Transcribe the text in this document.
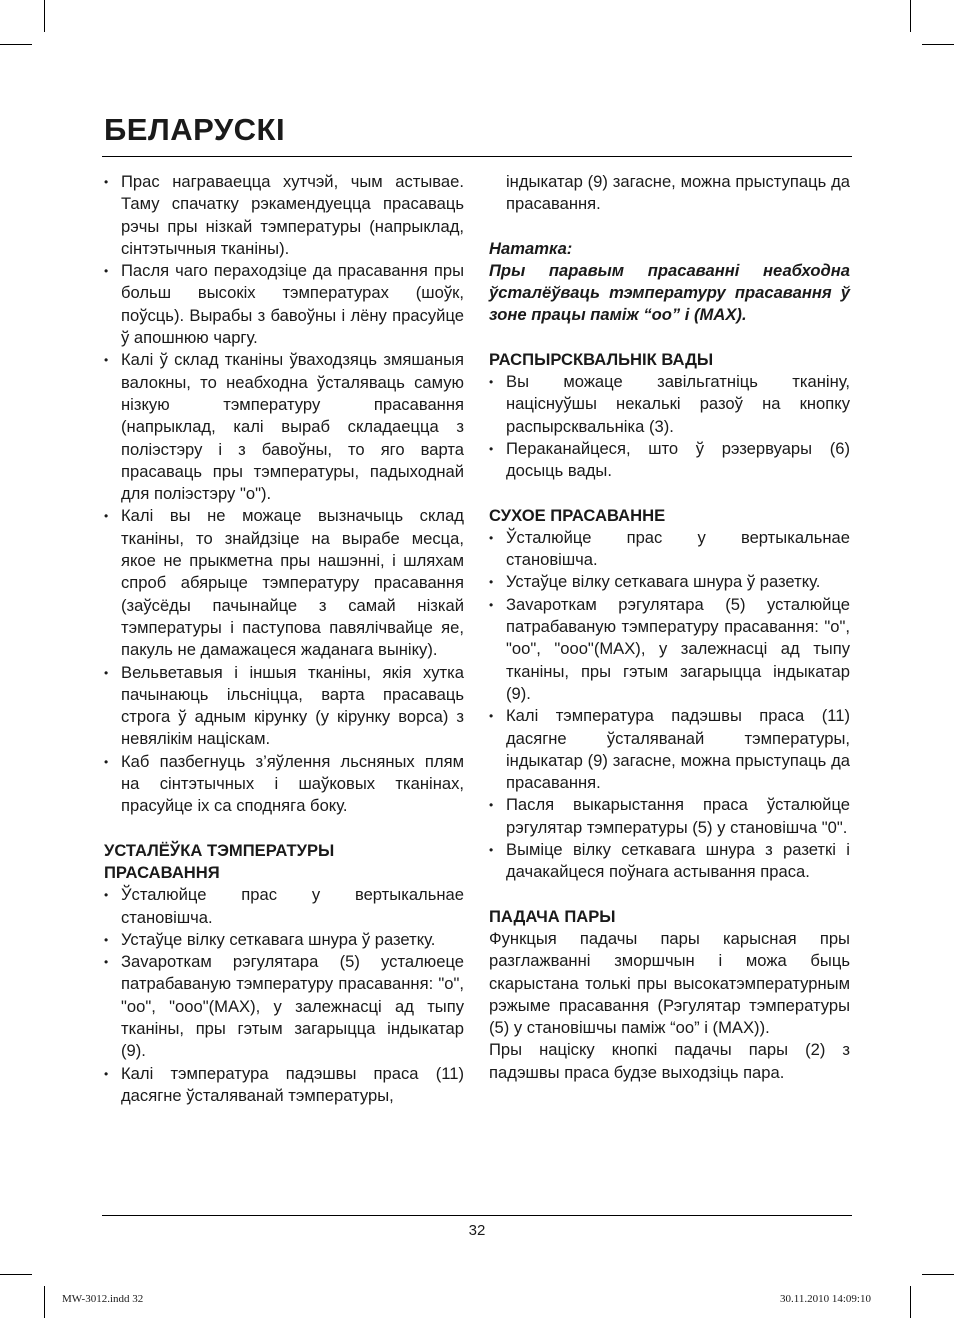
БЕЛАРУСКІ
• Прас награваецца хутчэй, чым астывае. Таму спачатку рэкамендуецца прасаваць рэчы пры нізкай тэмпературы (напрыклад, сінтэтычныя тканіны).
• Пасля чаго пераходзіце да прасавання пры больш высокіх тэмпературах (шоўк, поўсць). Вырабы з бавоўны і лёну прасуйце ў апошнюю чаргу.
• Калі ў склад тканіны ўваходзяць змяшаныя валокны, то неабходна ўсталяваць самую нізкую тэмпературу прасавання (напрыклад, калі выраб складаецца з поліэстэру і з бавоўны, то яго варта прасаваць пры тэмпературы, падыходнай для поліэстэру "о").
• Калі вы не можаце вызначыць склад тканіны, то знайдзіце на вырабе месца, якое не прыкметна пры нашэнні, і шляхам спроб абярыце тэмпературу прасавання (заўсёды пачынайце з самай нізкай тэмпературы і паступова павялічвайце яе, пакуль не дамажацеся жаданага выніку).
• Вельветавыя і іншыя тканіны, якія хутка пачынаюць ільсніцца, варта прасаваць строга ў адным кірунку (у кірунку ворса) з невялікім націскам.
• Каб пазбегнуць з’яўлення льсняных плям на сінтэтычных і шаўковых тканінах, прасуйце іх са споднягa боку.
УСТАЛЁЎКА ТЭМПЕРАТУРЫ
ПРАСАВАННЯ
• Ўсталюйце прас у вертыкальнае становішча.
• Устаўце вілку сеткавага шнура ў разетку.
• Зavароткам рэгулятара (5) усталюеце патрабаваную тэмпературу прасавання: "о", "оо", "ооо"(MAX), у залежнасці ад тыпу тканіны, пры гэтым загарыцца індыкатар (9).
• Калі тэмпература падэшвы праса (11) дасягне ўсталяванай тэмпературы,
індыкатар (9) загасне, можна прыступаць да прасавання.
Нататка:
Пры паравым прасаванні неабходна ўсталёўваць тэмпературу прасавання ў зоне працы паміж “оо” і (MAX).
РАСПЫРСКВАЛЬНІК ВАДЫ
• Вы можаце завільгатніць тканіну, націснуўшы некалькі разоў на кнопку распырсквальніка (3).
• Пераканайцеся, што ў рэзервуары (6) досыць вады.
СУХОЕ ПРАСАВАННЕ
• Ўсталюйце прас у вертыкальнае становішча.
• Устаўце вілку сеткавага шнура ў разетку.
• Зavароткам рэгулятара (5) усталюйце патрабаваную тэмпературу прасавання: "о", "оо", "ооо"(MAX), у залежнасці ад тыпу тканіны, пры гэтым загарыцца індыкатар (9).
• Калі тэмпература падэшвы праса (11) дасягне ўсталяванай тэмпературы, індыкатар (9) загасне, можна прыступаць да прасавання.
• Пасля выкарыстання праса ўсталюйце рэгулятар тэмпературы (5) у становішча "0".
• Выміце вілку сеткавага шнура з разеткі і дачакайцеся поўнага астывання праса.
ПАДАЧА ПАРЫ

Функцыя падачы пары карысная пры разглажванні зморшчын і можа быць скарыстана толькі пры высокатэмпературным рэжыме прасавання (Рэгулятар тэмпературы (5) у становішчы паміж “оо” і (MAX)).

Пры націску кнопкі падачы пары (2) з падэшвы праса будзе выходзіць пара.

32
MW-3012.indd 32	30.11.2010 14:09:10
